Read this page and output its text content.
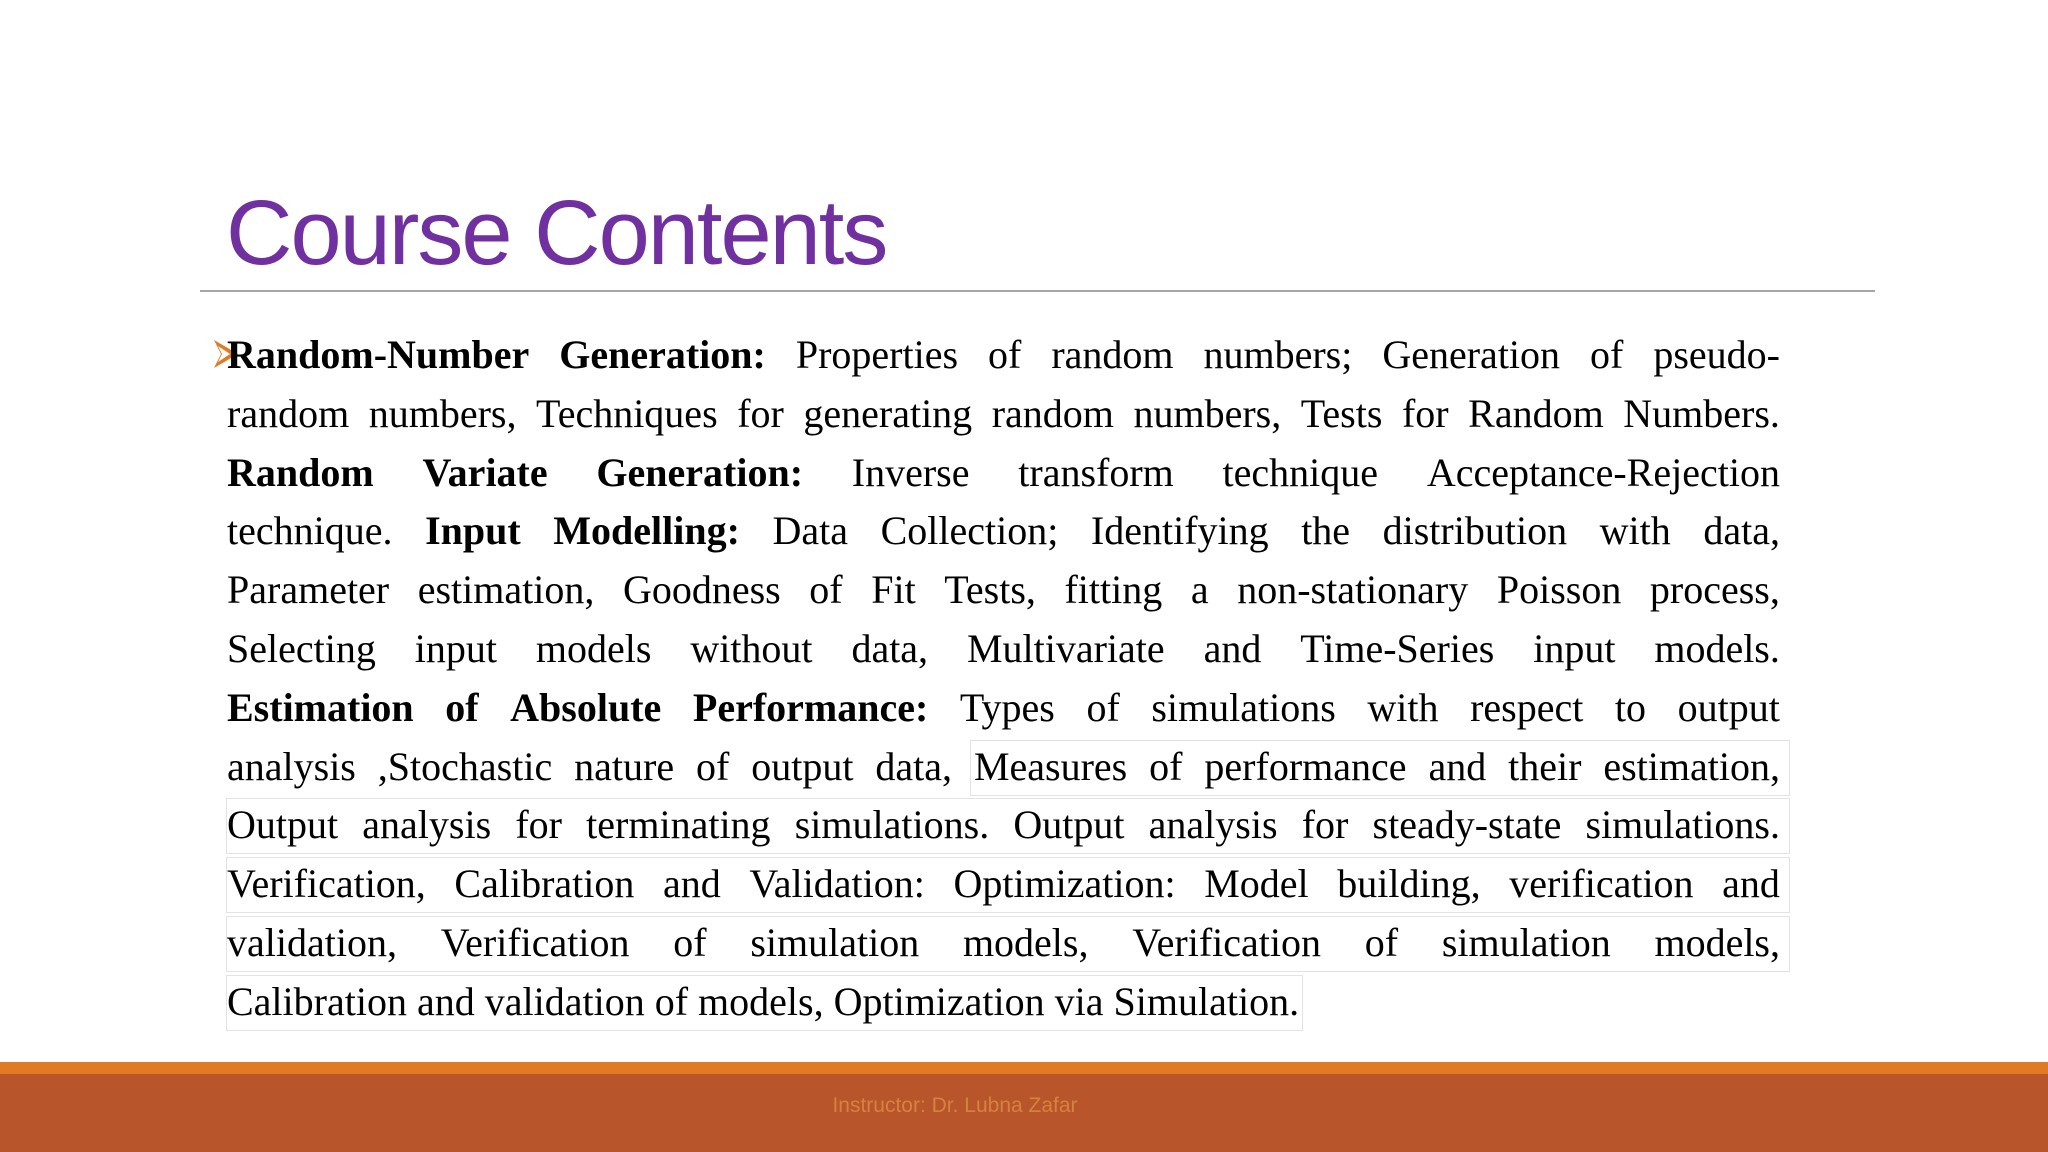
Course Contents
Random-Number Generation: Properties of random numbers; Generation of pseudo-
random numbers, Techniques for generating random numbers, Tests for Random Numbers.
Random Variate Generation: Inverse transform technique Acceptance-Rejection
technique. Input Modelling: Data Collection; Identifying the distribution with data,
Parameter estimation, Goodness of Fit Tests, fitting a non-stationary Poisson process,
Selecting input models without data, Multivariate and Time-Series input models.
Estimation of Absolute Performance: Types of simulations with respect to output
analysis ,Stochastic nature of output data, Measures of performance and their estimation,
Output analysis for terminating simulations. Output analysis for steady-state simulations.
Verification, Calibration and Validation: Optimization: Model building, verification and
validation, Verification of simulation models, Verification of simulation models,
Calibration and validation of models, Optimization via Simulation.
Instructor: Dr. Lubna Zafar
